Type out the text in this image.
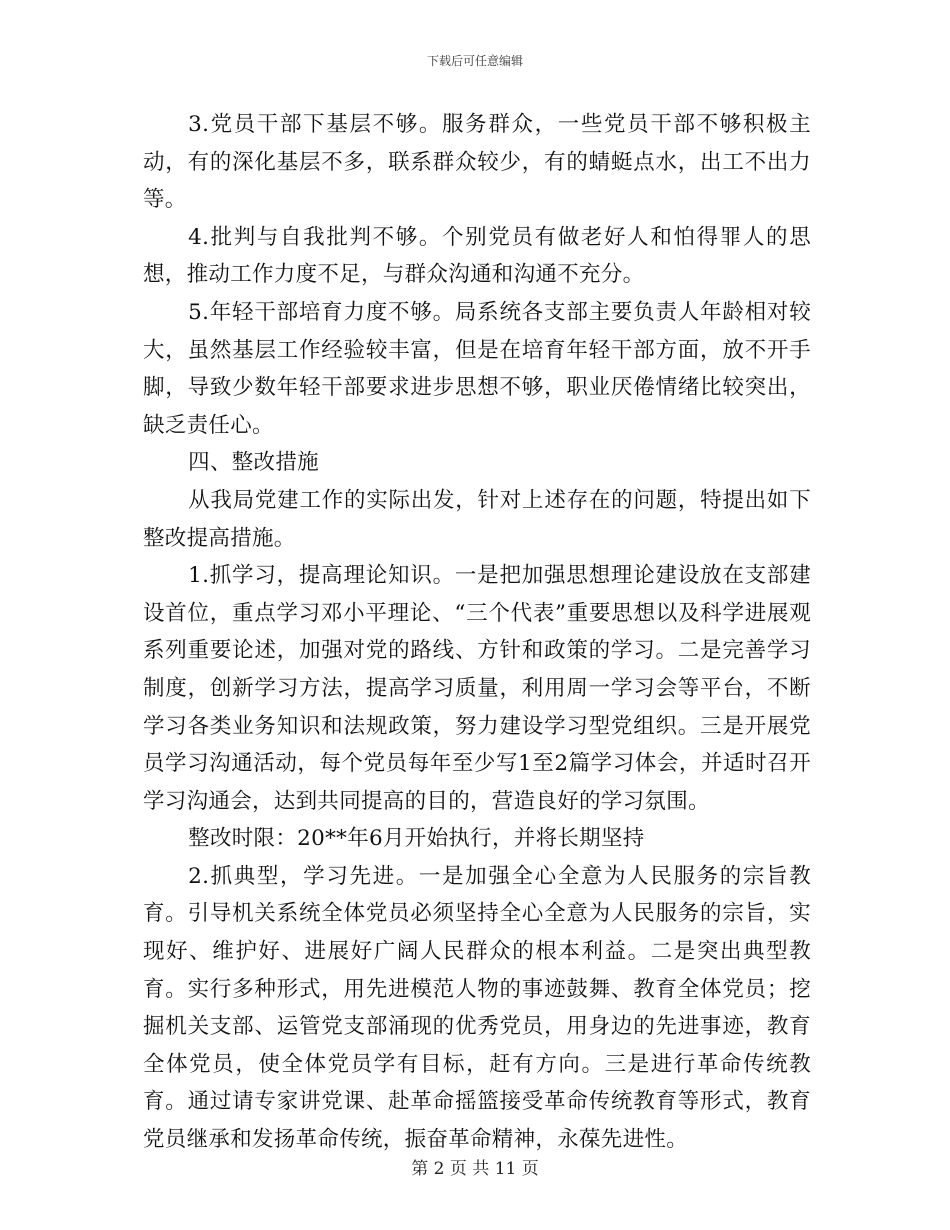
下载后可任意编辑

3.党员干部下基层不够。服务群众，一些党员干部不够积极主动，有的深化基层不多，联系群众较少，有的蜻蜓点水，出工不出力等。

4.批判与自我批判不够。个别党员有做老好人和怕得罪人的思想，推动工作力度不足，与群众沟通和沟通不充分。

5.年轻干部培育力度不够。局系统各支部主要负责人年龄相对较大，虽然基层工作经验较丰富，但是在培育年轻干部方面，放不开手脚，导致少数年轻干部要求进步思想不够，职业厌倦情绪比较突出，缺乏责任心。

四、整改措施

从我局党建工作的实际出发，针对上述存在的问题，特提出如下整改提高措施。

1.抓学习，提高理论知识。一是把加强思想理论建设放在支部建设首位，重点学习邓小平理论、“三个代表”重要思想以及科学进展观系列重要论述，加强对党的路线、方针和政策的学习。二是完善学习制度，创新学习方法，提高学习质量，利用周一学习会等平台，不断学习各类业务知识和法规政策，努力建设学习型党组织。三是开展党员学习沟通活动，每个党员每年至少写1至2篇学习体会，并适时召开学习沟通会，达到共同提高的目的，营造良好的学习氛围。

整改时限：20**年6月开始执行，并将长期坚持

2.抓典型，学习先进。一是加强全心全意为人民服务的宗旨教育。引导机关系统全体党员必须坚持全心全意为人民服务的宗旨，实现好、维护好、进展好广阔人民群众的根本利益。二是突出典型教育。实行多种形式，用先进模范人物的事迹鼓舞、教育全体党员；挖掘机关支部、运管党支部涌现的优秀党员，用身边的先进事迹，教育全体党员，使全体党员学有目标，赶有方向。三是进行革命传统教育。通过请专家讲党课、赴革命摇篮接受革命传统教育等形式，教育党员继承和发扬革命传统，振奋革命精神，永葆先进性。

第 2 页 共 11 页
